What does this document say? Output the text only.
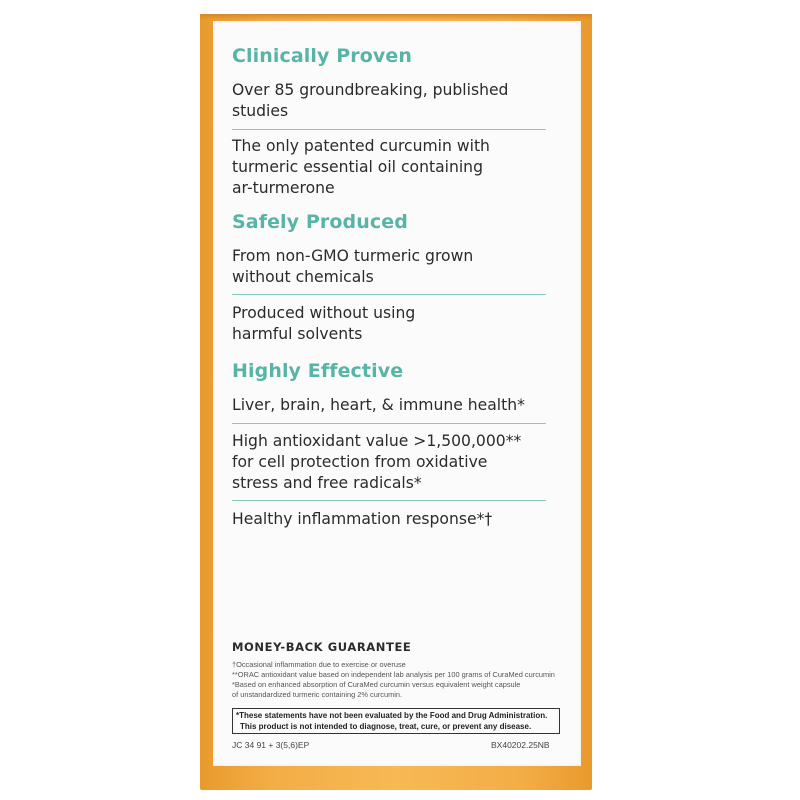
Clinically Proven
Over 85 groundbreaking, published
studies
The only patented curcumin with
turmeric essential oil containing
ar-turmerone
Safely Produced
From non-GMO turmeric grown
without chemicals
Produced without using
harmful solvents
Highly Effective
Liver, brain, heart, & immune health*
High antioxidant value >1,500,000**
for cell protection from oxidative
stress and free radicals*
Healthy inflammation response*†
MONEY-BACK GUARANTEE
†Occasional inflammation due to exercise or overuse
**ORAC antioxidant value based on independent lab analysis per 100 grams of CuraMed curcumin
*Based on enhanced absorption of CuraMed curcumin versus equivalent weight capsule
of unstandardized turmeric containing 2% curcumin.
*These statements have not been evaluated by the Food and Drug Administration.
This product is not intended to diagnose, treat, cure, or prevent any disease.
JC 34 91 + 3(5,6)EP	BX40202.25NB
